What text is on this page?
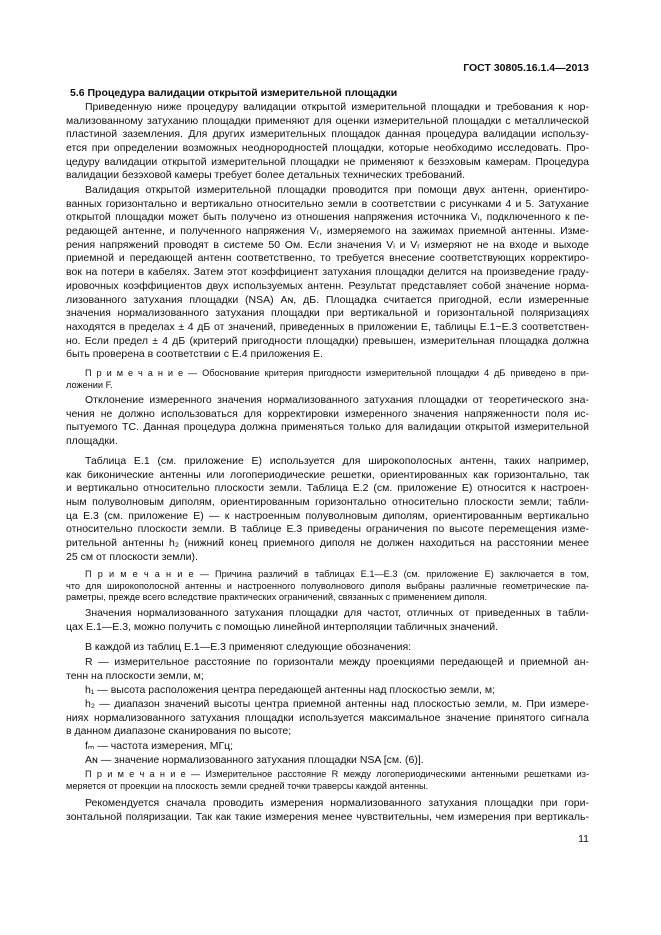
ГОСТ 30805.16.1.4—2013
5.6 Процедура валидации открытой измерительной площадки
Приведенную ниже процедуру валидации открытой измерительной площадки и требования к нор-
мализованному затуханию площадки применяют для оценки измерительной площадки с металлической
пластиной заземления. Для других измерительных площадок данная процедура валидации использу-
ется при определении возможных неоднородностей площадки, которые необходимо исследовать. Про-
цедуру валидации открытой измерительной площадки не применяют к безэховым камерам. Процедура
валидации безэховой камеры требует более детальных технических требований.
Валидация открытой измерительной площадки проводится при помощи двух антенн, ориентиро-
ванных горизонтально и вертикально относительно земли в соответствии с рисунками 4 и 5. Затухание
открытой площадки может быть получено из отношения напряжения источника Vᵢ, подключенного к пе-
редающей антенне, и полученного напряжения Vᵣ, измеряемого на зажимах приемной антенны. Изме-
рения напряжений проводят в системе 50 Ом. Если значения Vᵢ и Vᵣ измеряют не на входе и выходе
приемной и передающей антенн соответственно, то требуется внесение соответствующих корректиро-
вок на потери в кабелях. Затем этот коэффициент затухания площадки делится на произведение граду-
ировочных коэффициентов двух используемых антенн. Результат представляет собой значение норма-
лизованного затухания площадки (NSA) Aɴ, дБ. Площадка считается пригодной, если измеренные
значения нормализованного затухания площадки при вертикальной и горизонтальной поляризациях
находятся в пределах ± 4 дБ от значений, приведенных в приложении E, таблицы E.1−E.3 соответствен-
но. Если предел ± 4 дБ (критерий пригодности площадки) превышен, измерительная площадка должна
быть проверена в соответствии с E.4 приложения E.
П р и м е ч а н и е — Обоснование критерия пригодности измерительной площадки 4 дБ приведено в при-
ложении F.
Отклонение измеренного значения нормализованного затухания площадки от теоретического зна-
чения не должно использоваться для корректировки измеренного значения напряженности поля ис-
пытуемого ТС. Данная процедура должна применяться только для валидации открытой измерительной
площадки.
Таблица E.1 (см. приложение E) используется для широкополосных антенн, таких например,
как биконические антенны или логопериодические решетки, ориентированных как горизонтально, так
и вертикально относительно плоскости земли. Таблица E.2 (см. приложение E) относится к настроен-
ным полуволновым диполям, ориентированным горизонтально относительно плоскости земли; табли-
ца E.3 (см. приложение E) — к настроенным полуволновым диполям, ориентированным вертикально
относительно плоскости земли. В таблице E.3 приведены ограничения по высоте перемещения изме-
рительной антенны h₂ (нижний конец приемного диполя не должен находиться на расстоянии менее
25 см от плоскости земли).
П р и м е ч а н и е — Причина различий в таблицах E.1—E.3 (см. приложение E) заключается в том,
что для широкополосной антенны и настроенного полуволнового диполя выбраны различные геометрические па-
раметры, прежде всего вследствие практических ограничений, связанных с применением диполя.
Значения нормализованного затухания площадки для частот, отличных от приведенных в табли-
цах E.1—E.3, можно получить с помощью линейной интерполяции табличных значений.
В каждой из таблиц E.1—E.3 применяют следующие обозначения:
R — измерительное расстояние по горизонтали между проекциями передающей и приемной ан-
тенн на плоскости земли, м;
h₁ — высота расположения центра передающей антенны над плоскостью земли, м;
h₂ — диапазон значений высоты центра приемной антенны над плоскостью земли, м. При измере-
ниях нормализованного затухания площадки используется максимальное значение принятого сигнала
в данном диапазоне сканирования по высоте;
fₘ — частота измерения, МГц;
Aɴ — значение нормализованного затухания площадки NSA [см. (6)].
П р и м е ч а н и е — Измерительное расстояние R между логопериодическими антенными решетками из-
меряется от проекции на плоскость земли средней точки траверсы каждой антенны.
Рекомендуется сначала проводить измерения нормализованного затухания площадки при гори-
зонтальной поляризации. Так как такие измерения менее чувствительны, чем измерения при вертикаль-
11
